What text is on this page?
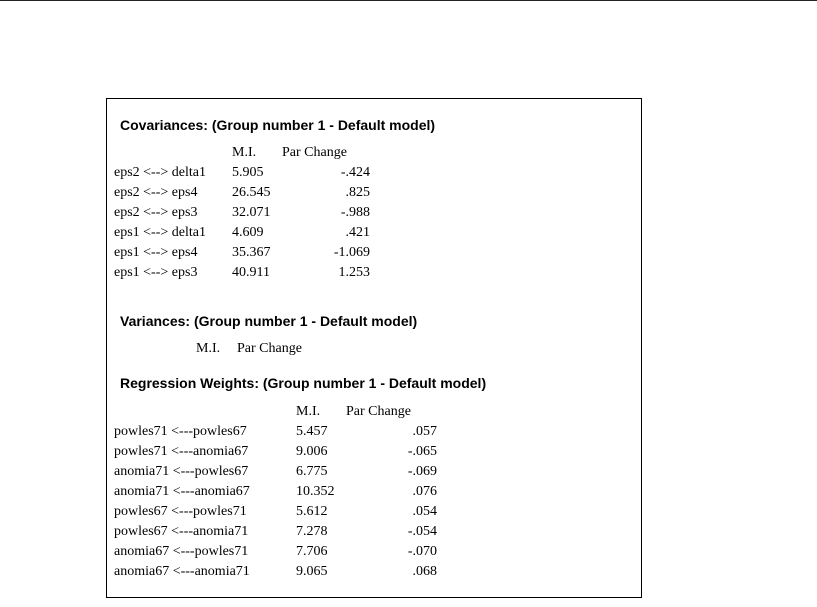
Covariances: (Group number 1 - Default model)
	M.I.	Par Change
eps2 <--> delta1	5.905	-.424
eps2 <--> eps4	26.545	.825
eps2 <--> eps3	32.071	-.988
eps1 <--> delta1	4.609	.421
eps1 <--> eps4	35.367	-1.069
eps1 <--> eps3	40.911	1.253
Variances: (Group number 1 - Default model)
M.I.	Par Change
Regression Weights: (Group number 1 - Default model)
	M.I.	Par Change
powles71 <---powles67	5.457	.057
powles71 <---anomia67	9.006	-.065
anomia71 <---powles67	6.775	-.069
anomia71 <---anomia67	10.352	.076
powles67 <---powles71	5.612	.054
powles67 <---anomia71	7.278	-.054
anomia67 <---powles71	7.706	-.070
anomia67 <---anomia71	9.065	.068
